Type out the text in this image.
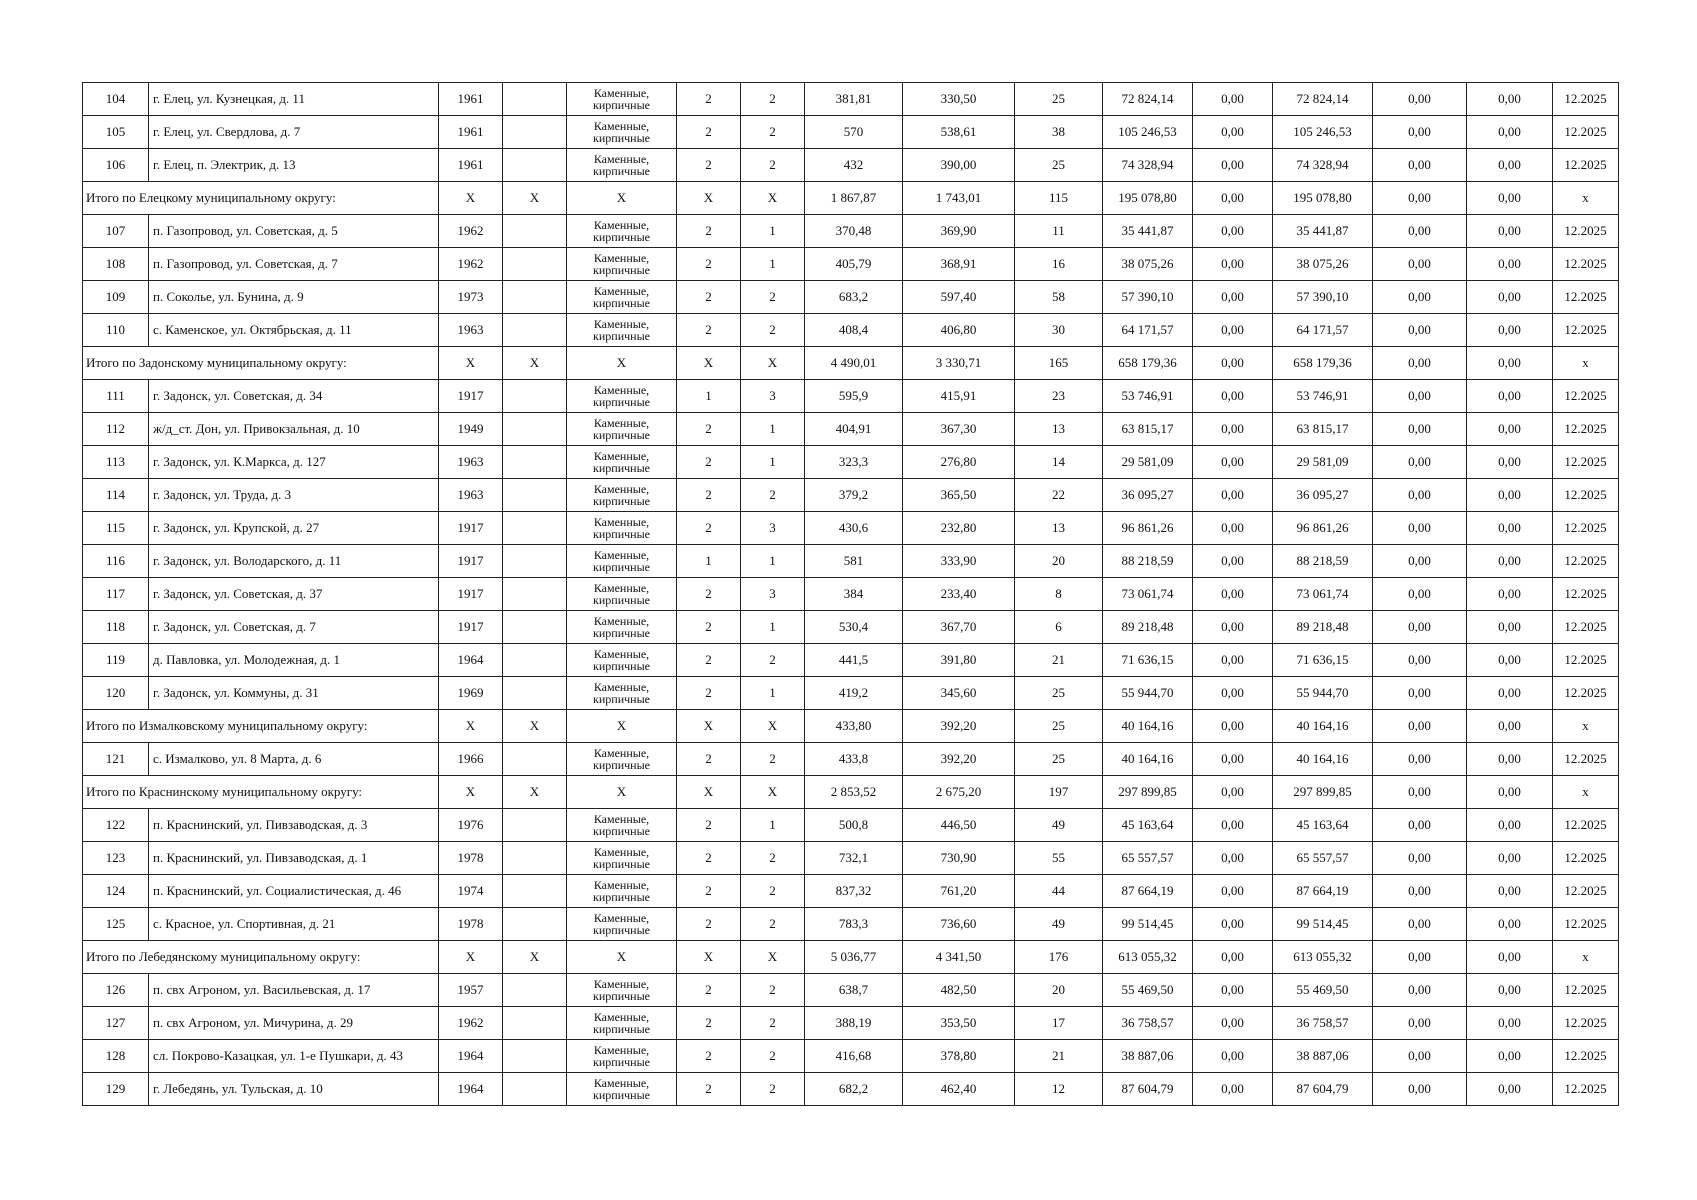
104	г. Елец, ул. Кузнецкая, д. 11	1961		Каменные,
кирпичные	2	2	381,81	330,50	25	72 824,14	0,00	72 824,14	0,00	0,00	12.2025
105	г. Елец, ул. Свердлова, д. 7	1961		Каменные,
кирпичные	2	2	570	538,61	38	105 246,53	0,00	105 246,53	0,00	0,00	12.2025
106	г. Елец, п. Электрик, д. 13	1961		Каменные,
кирпичные	2	2	432	390,00	25	74 328,94	0,00	74 328,94	0,00	0,00	12.2025
Итого по Елецкому муниципальному округу:		X	X	X	X	X	1 867,87	1 743,01	115	195 078,80	0,00	195 078,80	0,00	0,00	x
107	п. Газопровод, ул. Советская, д. 5	1962		Каменные,
кирпичные	2	1	370,48	369,90	11	35 441,87	0,00	35 441,87	0,00	0,00	12.2025
108	п. Газопровод, ул. Советская, д. 7	1962		Каменные,
кирпичные	2	1	405,79	368,91	16	38 075,26	0,00	38 075,26	0,00	0,00	12.2025
109	п. Сокольe, ул. Бунина, д. 9	1973		Каменные,
кирпичные	2	2	683,2	597,40	58	57 390,10	0,00	57 390,10	0,00	0,00	12.2025
110	с. Каменское, ул. Октябрьская, д. 11	1963		Каменные,
кирпичные	2	2	408,4	406,80	30	64 171,57	0,00	64 171,57	0,00	0,00	12.2025
Итого по Задонскому муниципальному округу:		X	X	X	X	X	4 490,01	3 330,71	165	658 179,36	0,00	658 179,36	0,00	0,00	x
111	г. Задонск, ул. Советская, д. 34	1917		Каменные,
кирпичные	1	3	595,9	415,91	23	53 746,91	0,00	53 746,91	0,00	0,00	12.2025
112	ж/д_ст. Дон, ул. Привокзальная, д. 10	1949		Каменные,
кирпичные	2	1	404,91	367,30	13	63 815,17	0,00	63 815,17	0,00	0,00	12.2025
113	г. Задонск, ул. К.Маркса, д. 127	1963		Каменные,
кирпичные	2	1	323,3	276,80	14	29 581,09	0,00	29 581,09	0,00	0,00	12.2025
114	г. Задонск, ул. Труда, д. 3	1963		Каменные,
кирпичные	2	2	379,2	365,50	22	36 095,27	0,00	36 095,27	0,00	0,00	12.2025
115	г. Задонск, ул. Крупской, д. 27	1917		Каменные,
кирпичные	2	3	430,6	232,80	13	96 861,26	0,00	96 861,26	0,00	0,00	12.2025
116	г. Задонск, ул. Володарского, д. 11	1917		Каменные,
кирпичные	1	1	581	333,90	20	88 218,59	0,00	88 218,59	0,00	0,00	12.2025
117	г. Задонск, ул. Советская, д. 37	1917		Каменные,
кирпичные	2	3	384	233,40	8	73 061,74	0,00	73 061,74	0,00	0,00	12.2025
118	г. Задонск, ул. Советская, д. 7	1917		Каменные,
кирпичные	2	1	530,4	367,70	6	89 218,48	0,00	89 218,48	0,00	0,00	12.2025
119	д. Павловка, ул. Молодежная, д. 1	1964		Каменные,
кирпичные	2	2	441,5	391,80	21	71 636,15	0,00	71 636,15	0,00	0,00	12.2025
120	г. Задонск, ул. Коммуны, д. 31	1969		Каменные,
кирпичные	2	1	419,2	345,60	25	55 944,70	0,00	55 944,70	0,00	0,00	12.2025
Итого по Измалковскому муниципальному округу:		X	X	X	X	X	433,80	392,20	25	40 164,16	0,00	40 164,16	0,00	0,00	x
121	с. Измалково, ул. 8 Марта, д. 6	1966		Каменные,
кирпичные	2	2	433,8	392,20	25	40 164,16	0,00	40 164,16	0,00	0,00	12.2025
Итого по Краснинскому муниципальному округу:		X	X	X	X	X	2 853,52	2 675,20	197	297 899,85	0,00	297 899,85	0,00	0,00	x
122	п. Краснинский, ул. Пивзаводская, д. 3	1976		Каменные,
кирпичные	2	1	500,8	446,50	49	45 163,64	0,00	45 163,64	0,00	0,00	12.2025
123	п. Краснинский, ул. Пивзаводская, д. 1	1978		Каменные,
кирпичные	2	2	732,1	730,90	55	65 557,57	0,00	65 557,57	0,00	0,00	12.2025
124	п. Краснинский, ул. Социалистическая, д. 46	1974		Каменные,
кирпичные	2	2	837,32	761,20	44	87 664,19	0,00	87 664,19	0,00	0,00	12.2025
125	с. Красное, ул. Спортивная, д. 21	1978		Каменные,
кирпичные	2	2	783,3	736,60	49	99 514,45	0,00	99 514,45	0,00	0,00	12.2025
Итого по Лебедянскому муниципальному округу:		X	X	X	X	X	5 036,77	4 341,50	176	613 055,32	0,00	613 055,32	0,00	0,00	x
126	п. свх Агроном, ул. Васильевская, д. 17	1957		Каменные,
кирпичные	2	2	638,7	482,50	20	55 469,50	0,00	55 469,50	0,00	0,00	12.2025
127	п. свх Агроном, ул. Мичурина, д. 29	1962		Каменные,
кирпичные	2	2	388,19	353,50	17	36 758,57	0,00	36 758,57	0,00	0,00	12.2025
128	сл. Покрово-Казацкая, ул. 1-е Пушкари, д. 43	1964		Каменные,
кирпичные	2	2	416,68	378,80	21	38 887,06	0,00	38 887,06	0,00	0,00	12.2025
129	г. Лебедянь, ул. Тульская, д. 10	1964		Каменные,
кирпичные	2	2	682,2	462,40	12	87 604,79	0,00	87 604,79	0,00	0,00	12.2025
